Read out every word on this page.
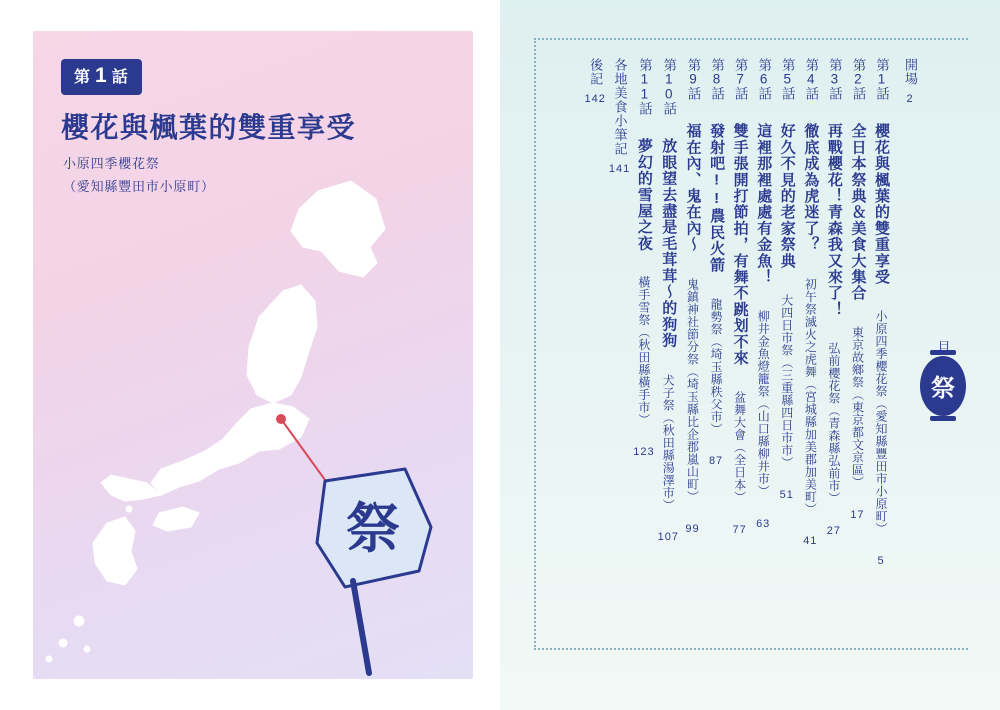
第 1 話
櫻花與楓葉的雙重享受
小原四季櫻花祭
（愛知縣豐田市小原町）
祭
祭
目 次
開場 2
第1話 櫻花與楓葉的雙重享受 小原四季櫻花祭（愛知縣豐田市小原町） 5
第2話 全日本祭典＆美食大集合 東京故鄉祭（東京都文京區） 17
第3話 再戰櫻花！青森我又來了！ 弘前櫻花祭（青森縣弘前市） 27
第4話 徹底成為虎迷了？ 初午祭滅火之虎舞（宮城縣加美郡加美町） 41
第5話 好久不見的老家祭典 大四日市祭（三重縣四日市市） 51
第6話 這裡那裡處處有金魚！ 柳井金魚燈籠祭（山口縣柳井市） 63
第7話 雙手張開打節拍，有舞不跳划不來 盆舞大會（全日本） 77
第8話 發射吧!!農民火箭 龍勢祭（埼玉縣秩父市） 87
第9話 福在內、鬼在內～ 鬼鎮神社節分祭（埼玉縣比企郡嵐山町） 99
第10話 放眼望去盡是毛茸茸～的狗狗 犬子祭（秋田縣湯澤市） 107
第11話 夢幻的雪屋之夜 橫手雪祭（秋田縣橫手市） 123
各地美食小筆記 141
後記 142
